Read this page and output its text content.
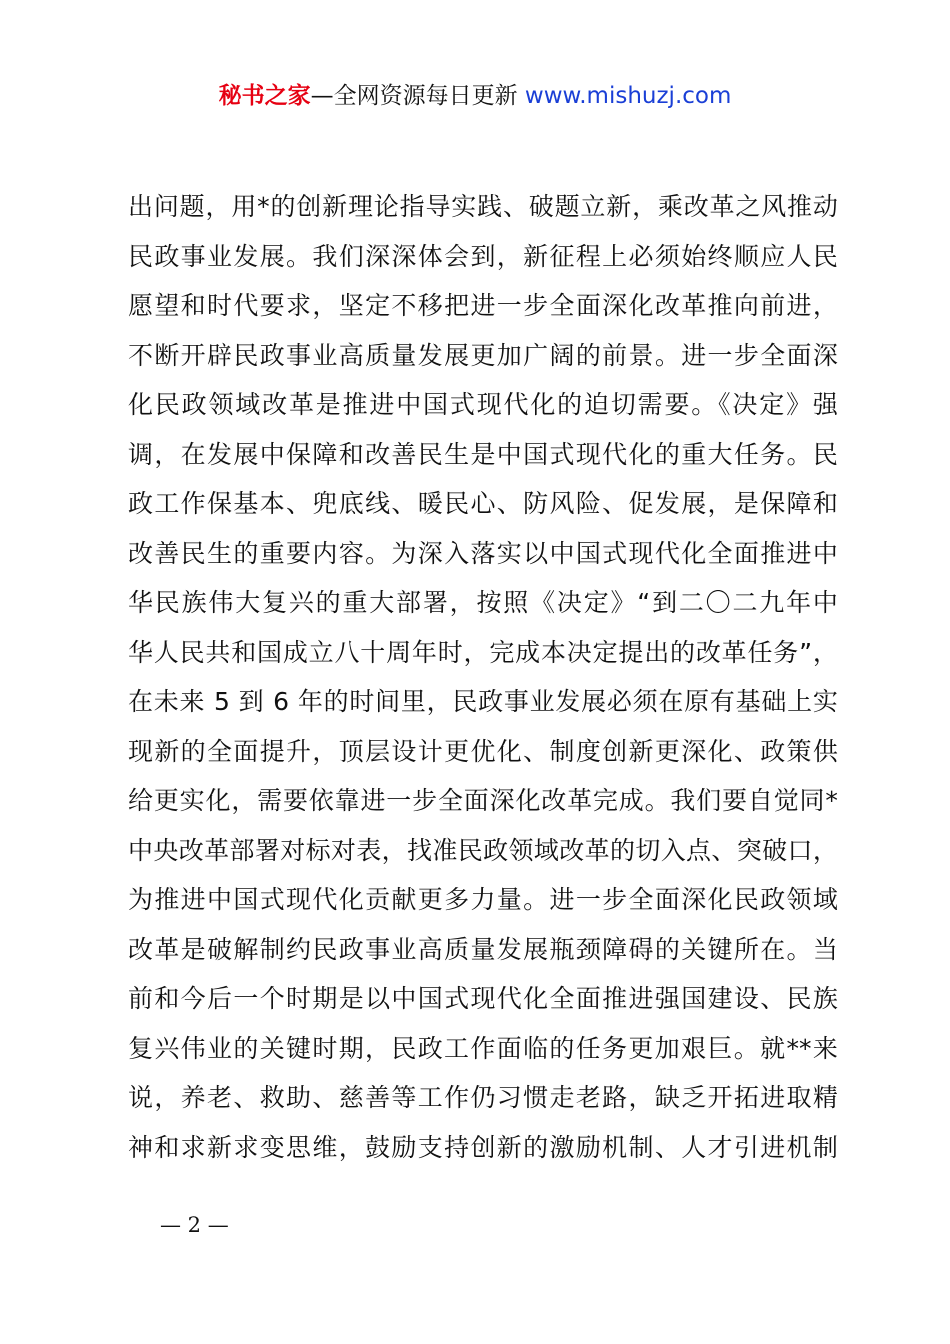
秘书之家—全网资源每日更新 www.mishuzj.com
出问题，用*的创新理论指导实践、破题立新，乘改革之风推动
民政事业发展。我们深深体会到，新征程上必须始终顺应人民
愿望和时代要求，坚定不移把进一步全面深化改革推向前进，
不断开辟民政事业高质量发展更加广阔的前景。进一步全面深
化民政领域改革是推进中国式现代化的迫切需要。《决定》强
调，在发展中保障和改善民生是中国式现代化的重大任务。民
政工作保基本、兜底线、暖民心、防风险、促发展，是保障和
改善民生的重要内容。为深入落实以中国式现代化全面推进中
华民族伟大复兴的重大部署，按照《决定》“到二〇二九年中
华人民共和国成立八十周年时，完成本决定提出的改革任务”，
在未来 5 到 6 年的时间里，民政事业发展必须在原有基础上实
现新的全面提升，顶层设计更优化、制度创新更深化、政策供
给更实化，需要依靠进一步全面深化改革完成。我们要自觉同*
中央改革部署对标对表，找准民政领域改革的切入点、突破口，
为推进中国式现代化贡献更多力量。进一步全面深化民政领域
改革是破解制约民政事业高质量发展瓶颈障碍的关键所在。当
前和今后一个时期是以中国式现代化全面推进强国建设、民族
复兴伟业的关键时期，民政工作面临的任务更加艰巨。就**来
说，养老、救助、慈善等工作仍习惯走老路，缺乏开拓进取精
神和求新求变思维，鼓励支持创新的激励机制、人才引进机制
— 2 —
